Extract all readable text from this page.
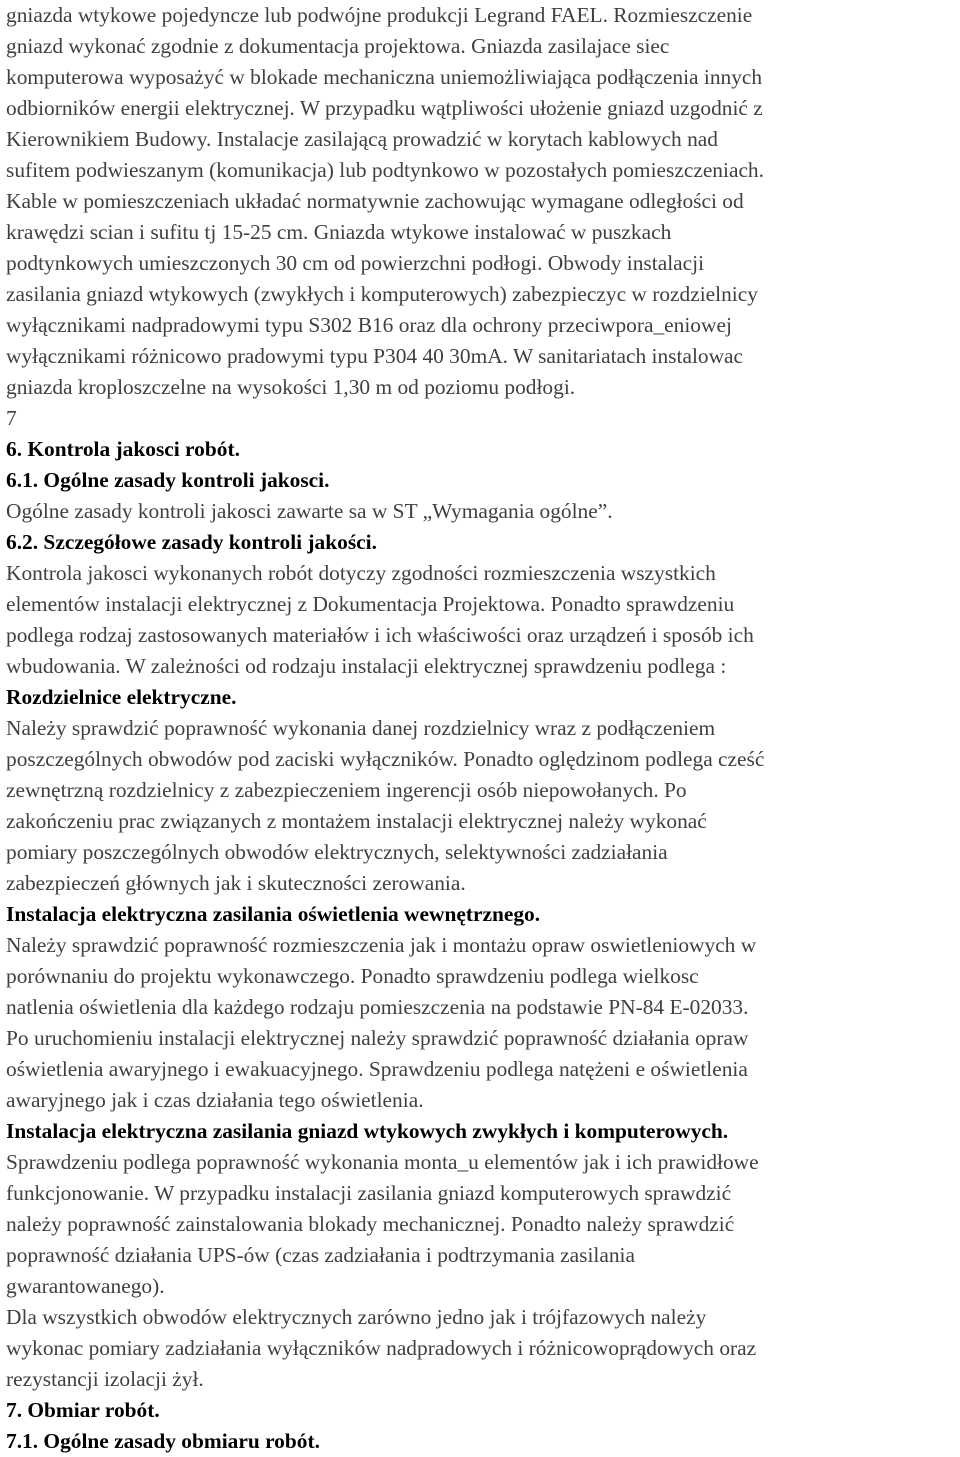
gniazda wtykowe pojedyncze lub podwójne produkcji Legrand FAEL. Rozmieszczenie
gniazd wykonać zgodnie z dokumentacja projektowa. Gniazda zasilajace siec
komputerowa wyposażyć w blokade mechaniczna uniemożliwiająca podłączenia innych
odbiorników energii elektrycznej. W przypadku wątpliwości ułożenie gniazd uzgodnić z
Kierownikiem Budowy. Instalacje zasilającą prowadzić w korytach kablowych nad
sufitem podwieszanym (komunikacja) lub podtynkowo w pozostałych pomieszczeniach.
Kable w pomieszczeniach układać normatywnie zachowując wymagane odległości od
krawędzi scian i sufitu tj 15-25 cm. Gniazda wtykowe instalować w puszkach
podtynkowych umieszczonych 30 cm od powierzchni podłogi. Obwody instalacji
zasilania gniazd wtykowych (zwykłych i komputerowych) zabezpieczyc w rozdzielnicy
wyłącznikami nadpradowymi typu S302 B16 oraz dla ochrony przeciwpora_eniowej
wyłącznikami różnicowo pradowymi typu P304 40 30mA. W sanitariatach instalowac
gniazda kroploszczelne na wysokości 1,30 m od poziomu podłogi.
7
6. Kontrola jakosci robót.
6.1. Ogólne zasady kontroli jakosci.
Ogólne zasady kontroli jakosci zawarte sa w ST „Wymagania ogólne”.
6.2. Szczegółowe zasady kontroli jakości.
Kontrola jakosci wykonanych robót dotyczy zgodności rozmieszczenia wszystkich
elementów instalacji elektrycznej z Dokumentacja Projektowa. Ponadto sprawdzeniu
podlega rodzaj zastosowanych materiałów i ich właściwości oraz urządzeń i sposób ich
wbudowania. W zależności od rodzaju instalacji elektrycznej sprawdzeniu podlega :
Rozdzielnice elektryczne.
Należy sprawdzić poprawność wykonania danej rozdzielnicy wraz z podłączeniem
poszczególnych obwodów pod zaciski wyłączników. Ponadto oględzinom podlega cześć
zewnętrzną rozdzielnicy z zabezpieczeniem ingerencji osób niepowołanych. Po
zakończeniu prac związanych z montażem instalacji elektrycznej należy wykonać
pomiary poszczególnych obwodów elektrycznych, selektywności zadziałania
zabezpieczeń głównych jak i skuteczności zerowania.
Instalacja elektryczna zasilania oświetlenia wewnętrznego.
Należy sprawdzić poprawność rozmieszczenia jak i montażu opraw oswietleniowych w
porównaniu do projektu wykonawczego. Ponadto sprawdzeniu podlega wielkosc
natlenia oświetlenia dla każdego rodzaju pomieszczenia na podstawie PN-84 E-02033.
Po uruchomieniu instalacji elektrycznej należy sprawdzić poprawność działania opraw
oświetlenia awaryjnego i ewakuacyjnego. Sprawdzeniu podlega natężeni e oświetlenia
awaryjnego jak i czas działania tego oświetlenia.
Instalacja elektryczna zasilania gniazd wtykowych zwykłych i komputerowych.
Sprawdzeniu podlega poprawność wykonania monta_u elementów jak i ich prawidłowe
funkcjonowanie. W przypadku instalacji zasilania gniazd komputerowych sprawdzić
należy poprawność zainstalowania blokady mechanicznej. Ponadto należy sprawdzić
poprawność działania UPS-ów (czas zadziałania i podtrzymania zasilania
gwarantowanego).
Dla wszystkich obwodów elektrycznych zarówno jedno jak i trójfazowych należy
wykonac pomiary zadziałania wyłączników nadpradowych i różnicowoprądowych oraz
rezystancji izolacji żył.
7. Obmiar robót.
7.1. Ogólne zasady obmiaru robót.
